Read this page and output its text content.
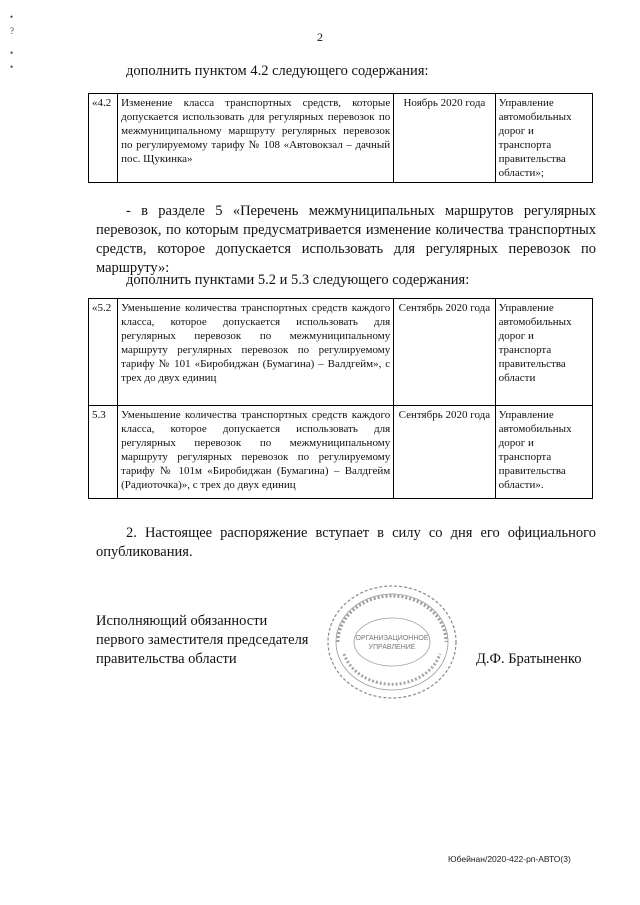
•
?
•
•
2
дополнить пунктом 4.2 следующего содержания:
«4.2	Изменение класса транспортных средств, которые допускается использовать для регулярных перевозок по межмуниципальному маршруту регулярных перевозок по регулируемому тарифу № 108 «Автовокзал – дачный пос. Щукинка»	Ноябрь 2020 года	Управление автомобильных дорог и транспорта правительства области»;
- в разделе 5 «Перечень межмуниципальных маршрутов регулярных перевозок, по которым предусматривается изменение количества транспортных средств, которое допускается использовать для регулярных перевозок по маршруту»:
дополнить пунктами 5.2 и 5.3 следующего содержания:
«5.2	Уменьшение количества транспортных средств каждого класса, которое допускается использовать для регулярных перевозок по межмуниципальному маршруту регулярных перевозок по регулируемому тарифу № 101 «Биробиджан (Бумагина) – Валдгейм», с трех до двух единиц	Сентябрь 2020 года	Управление автомобильных дорог и транспорта правительства области
5.3	Уменьшение количества транспортных средств каждого класса, которое допускается использовать для регулярных перевозок по межмуниципальному маршруту регулярных перевозок по регулируемому тарифу № 101м «Биробиджан (Бумагина) – Валдгейм (Радиоточка)», с трех до двух единиц	Сентябрь 2020 года	Управление автомобильных дорог и транспорта правительства области».
2. Настоящее распоряжение вступает в силу со дня его официального опубликования.
Исполняющий обязанности
первого заместителя председателя
правительства области
ОРГАНИЗАЦИОННОЕ
УПРАВЛЕНИЕ
Д.Ф. Братыненко
Юбейнан/2020-422-рп-АВТО(3)
